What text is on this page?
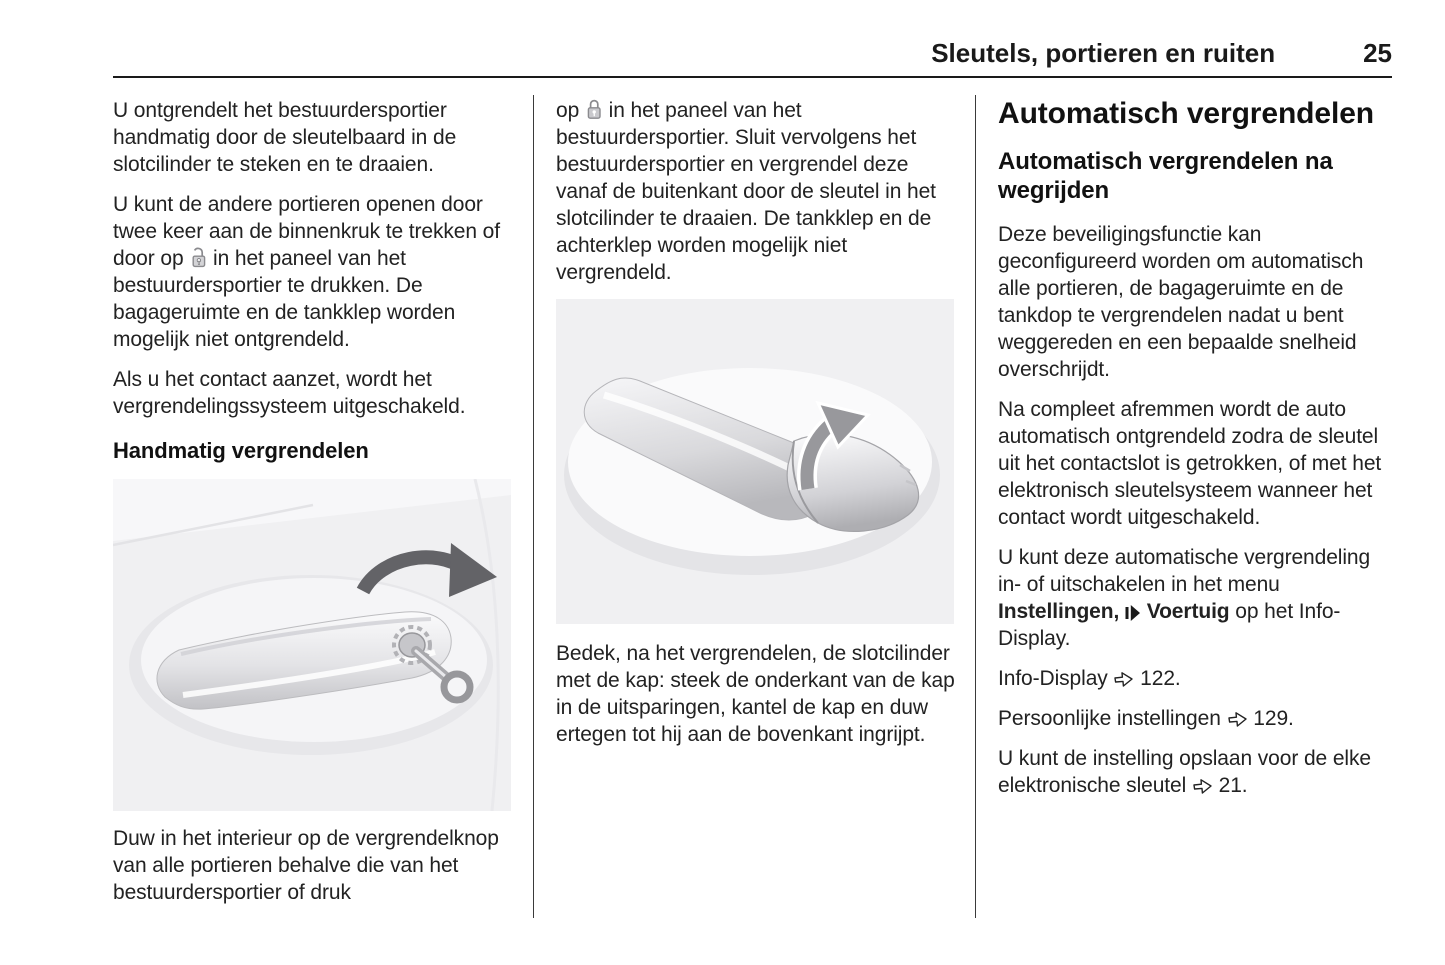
Sleutels, portieren en ruiten	25

U ontgrendelt het bestuurdersportier handmatig door de sleutelbaard in de slotcilinder te steken en te draaien.

U kunt de andere portieren openen door twee keer aan de binnenkruk te trekken of door op  in het paneel van het bestuurdersportier te drukken. De bagageruimte en de tankklep worden mogelijk niet ontgrendeld.

Als u het contact aanzet, wordt het vergrendelingssysteem uitgeschakeld.

Handmatig vergrendelen

Duw in het interieur op de vergrendelknop van alle portieren behalve die van het bestuurdersportier of druk

op  in het paneel van het bestuurdersportier. Sluit vervolgens het bestuurdersportier en vergrendel deze vanaf de buitenkant door de sleutel in het slotcilinder te draaien. De tankklep en de achterklep worden mogelijk niet vergrendeld.

Bedek, na het vergrendelen, de slotcilinder met de kap: steek de onderkant van de kap in de uitsparingen, kantel de kap en duw ertegen tot hij aan de bovenkant ingrijpt.

Automatisch vergrendelen
Automatisch vergrendelen na wegrijden

Deze beveiligingsfunctie kan geconfigureerd worden om automatisch alle portieren, de bagageruimte en de tankdop te vergrendelen nadat u bent weggereden en een bepaalde snelheid overschrijdt.

Na compleet afremmen wordt de auto automatisch ontgrendeld zodra de sleutel uit het contactslot is getrokken, of met het elektronisch sleutelsysteem wanneer het contact wordt uitgeschakeld.

U kunt deze automatische vergrendeling in- of uitschakelen in het menu Instellingen, Voertuig op het Info-Display.

Info-Display  122.

Persoonlijke instellingen  129.

U kunt de instelling opslaan voor de elke elektronische sleutel  21.
